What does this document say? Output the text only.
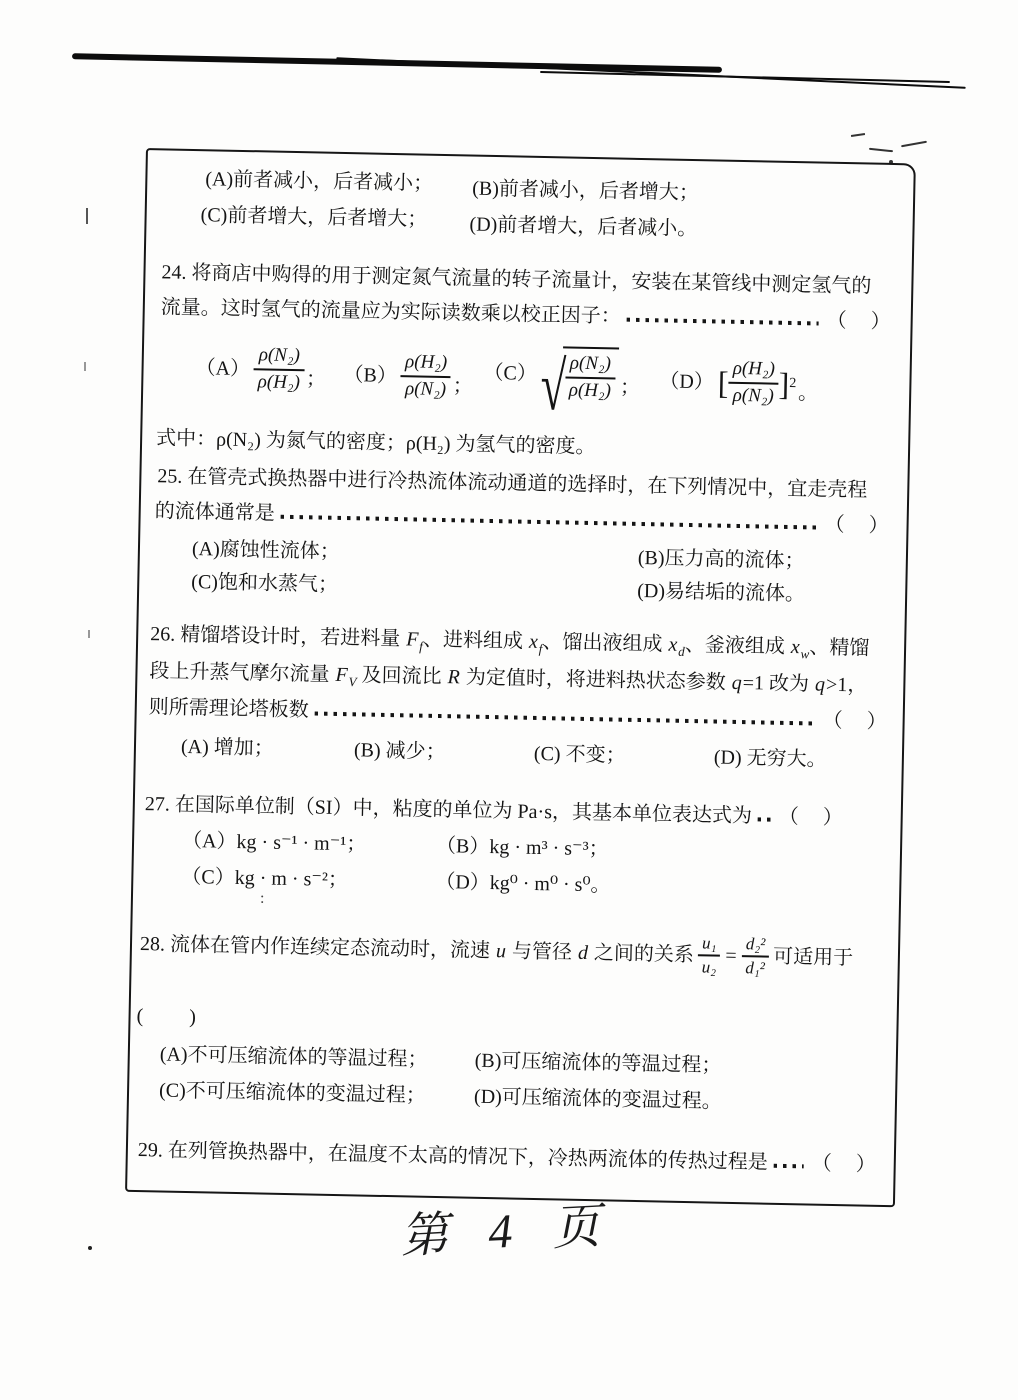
:
(A)前者减小，后者减小； (B)前者减小，后者增大；
(C)前者增大，后者增大； (D)前者增大，后者减小。
24. 将商店中购得的用于测定氮气流量的转子流量计，安装在某管线中测定氢气的
流量。这时氢气的流量应为实际读数乘以校正因子：	（　）
$(A) \frac{\text{ρ(N₂)}}{\text{ρ(H₂)}}$ ； $(B) \frac{\text{ρ(H₂)}}{\text{ρ(N₂)}}$ ；
（C） √
$\frac{\text{ρ(N₂)}}{\text{ρ(H₂)}}$ ； （D） [ $\frac{\text{ρ(H₂)}}{\text{ρ(N₂)}}$ ] 2 。
式中：ρ(N₂) 为氮气的密度；ρ(H₂) 为氢气的密度。
25. 在管壳式换热器中进行冷热流体流动通道的选择时，在下列情况中，宜走壳程
的流体通常是
（　）
(A)腐蚀性流体；	(B)压力高的流体；
(C)饱和水蒸气；	(D)易结垢的流体。
26. 精馏塔设计时，若进料量 $F_f$、进料组成 $x_f$、馏出液组成 $x_d$、釜液组成 $x_w$、精馏
段上升蒸气摩尔流量 $F_V$ 及回流比 R 为定值时，将进料热状态参数 q=1 改为 q>1，
则所需理论塔板数	（　）
(A) 增加；	(B) 减少；	(C) 不变；	(D) 无穷大。
27. 在国际单位制（SI）中，粘度的单位为 Pa·s，其基本单位表达式为 （　）
（A）kg · s⁻¹ · m⁻¹；	（B）kg · m³ · s⁻³；
（C）kg · m · s⁻²；	（D）kg⁰ · m⁰ · s⁰。
28. 流体在管内作连续定态流动时，流速 u 与管径 d 之间的关系 $\frac{\text{u₁}}{\text{u₂}} = \frac{\text{d₂²}}{\text{d₁²}}$ 可适用于
(　　)
(A)不可压缩流体的等温过程； (B)可压缩流体的等温过程；
(C)不可压缩流体的变温过程； (D)可压缩流体的变温过程。
29. 在列管换热器中，在温度不太高的情况下，冷热两流体的传热过程是 （　）
第 4 页
